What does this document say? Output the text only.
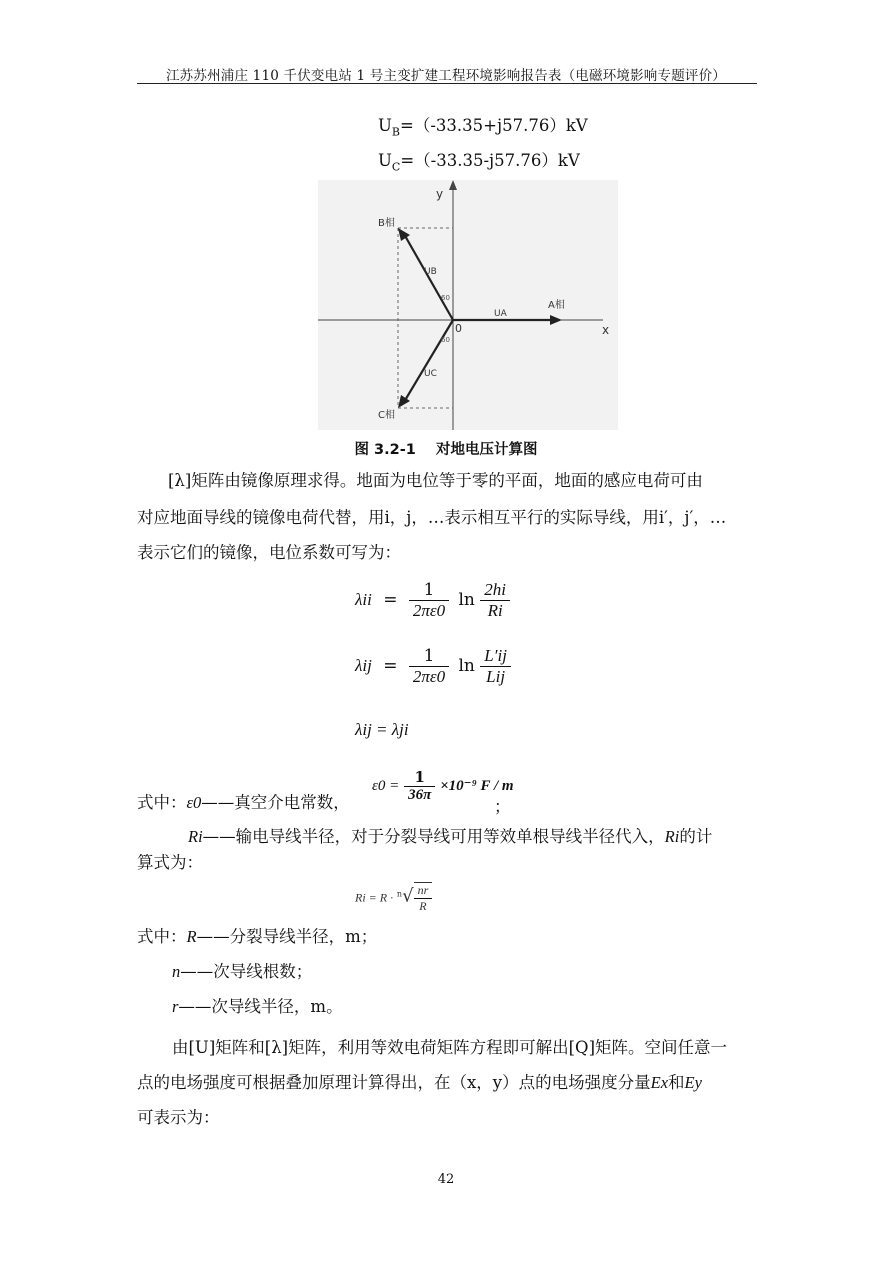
江苏苏州浦庄 110 千伏变电站 1 号主变扩建工程环境影响报告表（电磁环境影响专题评价）
$U_B=(-33.35+j57.76)kV$
$U_C=(-33.35-j57.76)kV$
y
x
0
B相
C相
A相
UB
UC
UA
60
60
图 3.2-1    对地电压计算图
[λ]矩阵由镜像原理求得。地面为电位等于零的平面，地面的感应电荷可由
对应地面导线的镜像电荷代替，用i，j，…表示相互平行的实际导线，用i′，j′，…
表示它们的镜像，电位系数可写为：
$\lambda ii = \frac{1}{2\pi\varepsilon 0}$ $\ln \frac{2hi}{Ri}$
$\lambda ij = \frac{1}{2\pi\varepsilon 0}$ $\ln \frac{L'ij}{\text{Lij}}$
λij = λji
式中：ε0——真空介电常数，
$\varepsilon 0 = \frac{1}{36\pi} \times 10^{-9}$ F / m
；
Ri——输电导线半径，对于分裂导线可用等效单根导线半径代入，Ri的计
算式为：
$Ri = R \cdot ^n√ \frac{nr}{R}$
式中：R——分裂导线半径，m；
n——次导线根数；
r——次导线半径，m。
由[U]矩阵和[λ]矩阵，利用等效电荷矩阵方程即可解出[Q]矩阵。空间任意一
点的电场强度可根据叠加原理计算得出，在（x，y）点的电场强度分量Ex和Ey
可表示为：
42
